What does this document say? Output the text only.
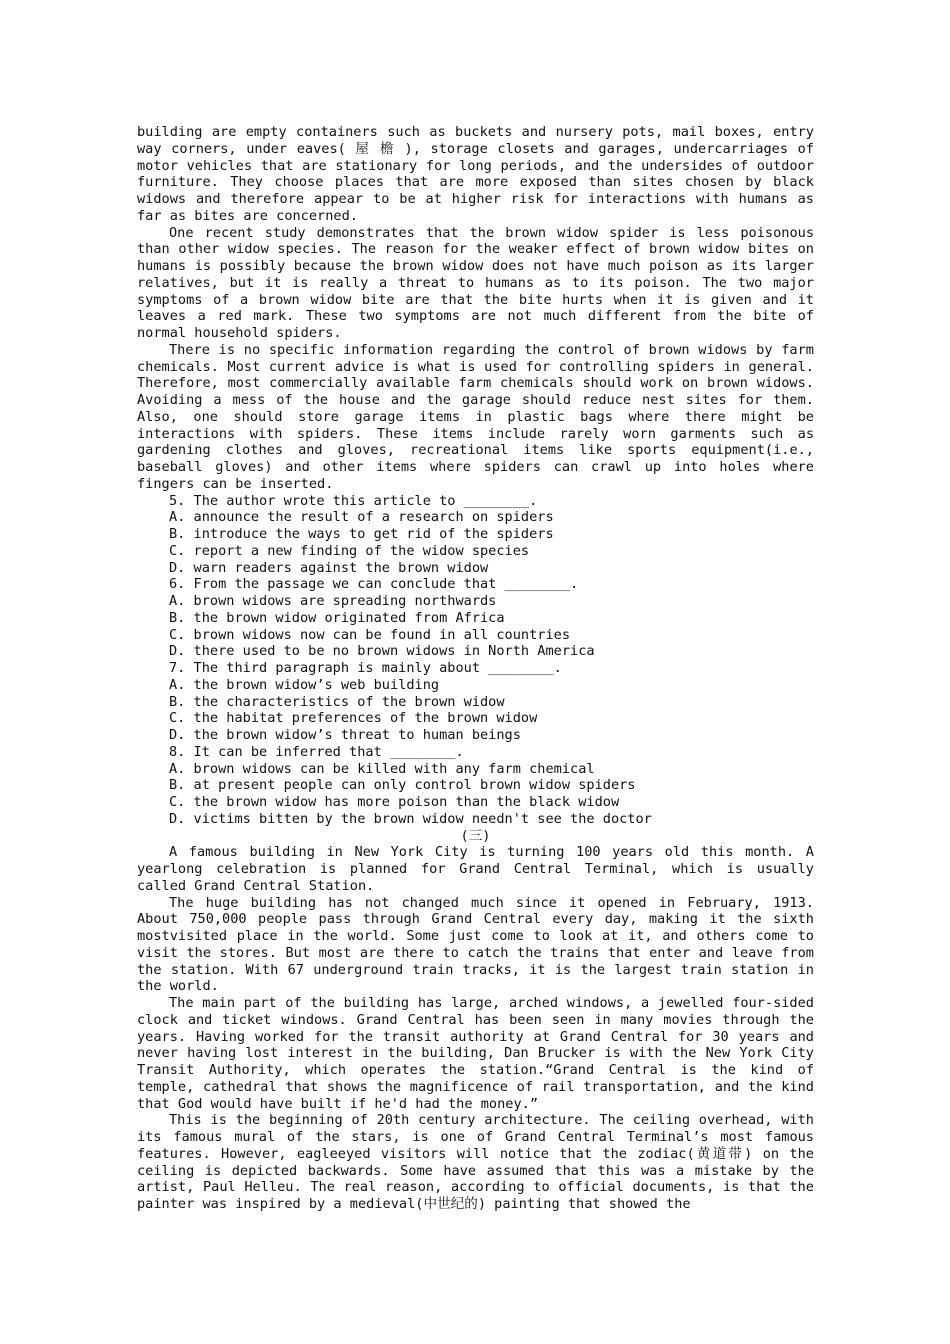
building are empty containers such as buckets and nursery pots, mail boxes, entry way corners, under eaves( 屋 檐 ), storage closets and garages, undercarriages of motor vehicles that are stationary for long periods, and the undersides of outdoor furniture. They choose places that are more exposed than sites chosen by black widows and therefore appear to be at higher risk for interactions with humans as far as bites are concerned.

One recent study demonstrates that the brown widow spider is less poisonous than other widow species. The reason for the weaker effect of brown widow bites on humans is possibly because the brown widow does not have much poison as its larger relatives, but it is really a threat to humans as to its poison. The two major symptoms of a brown widow bite are that the bite hurts when it is given and it leaves a red mark. These two symptoms are not much different from the bite of normal household spiders.

There is no specific information regarding the control of brown widows by farm chemicals. Most current advice is what is used for controlling spiders in general. Therefore, most commercially available farm chemicals should work on brown widows. Avoiding a mess of the house and the garage should reduce nest sites for them. Also, one should store garage items in plastic bags where there might be interactions with spiders. These items include rarely worn garments such as gardening clothes and gloves, recreational items like sports equipment(i.e., baseball gloves) and other items where spiders can crawl up into holes where fingers can be inserted.

5. The author wrote this article to ________.

A. announce the result of a research on spiders

B. introduce the ways to get rid of the spiders

C. report a new finding of the widow species

D. warn readers against the brown widow

6. From the passage we can conclude that ________.

A. brown widows are spreading northwards

B. the brown widow originated from Africa

C. brown widows now can be found in all countries

D. there used to be no brown widows in North America

7. The third paragraph is mainly about ________.

A. the brown widow’s web building

B. the characteristics of the brown widow

C. the habitat preferences of the brown widow

D. the brown widow’s threat to human beings

8. It can be inferred that ________.

A. brown widows can be killed with any farm chemical

B. at present people can only control brown widow spiders

C. the brown widow has more poison than the black widow

D. victims bitten by the brown widow needn't see the doctor

(三)

A famous building in New York City is turning 100 years old this month. A yearlong celebration is planned for Grand Central Terminal, which is usually called Grand Central Station.

The huge building has not changed much since it opened in February, 1913. About 750,000 people pass through Grand Central every day, making it the sixth mostvisited place in the world. Some just come to look at it, and others come to visit the stores. But most are there to catch the trains that enter and leave from the station. With 67 underground train tracks, it is the largest train station in the world.

The main part of the building has large, arched windows, a jewelled four-sided clock and ticket windows. Grand Central has been seen in many movies through the years. Having worked for the transit authority at Grand Central for 30 years and never having lost interest in the building, Dan Brucker is with the New York City Transit Authority, which operates the station.“Grand Central is the kind of temple, cathedral that shows the magnificence of rail transportation, and the kind that God would have built if he'd had the money.”

This is the beginning of 20th century architecture. The ceiling overhead, with its famous mural of the stars, is one of Grand Central Terminal’s most famous features. However, eagleeyed visitors will notice that the zodiac(黄道带) on the ceiling is depicted backwards. Some have assumed that this was a mistake by the artist, Paul Helleu. The real reason, according to official documents, is that the painter was inspired by a medieval(中世纪的) painting that showed the
